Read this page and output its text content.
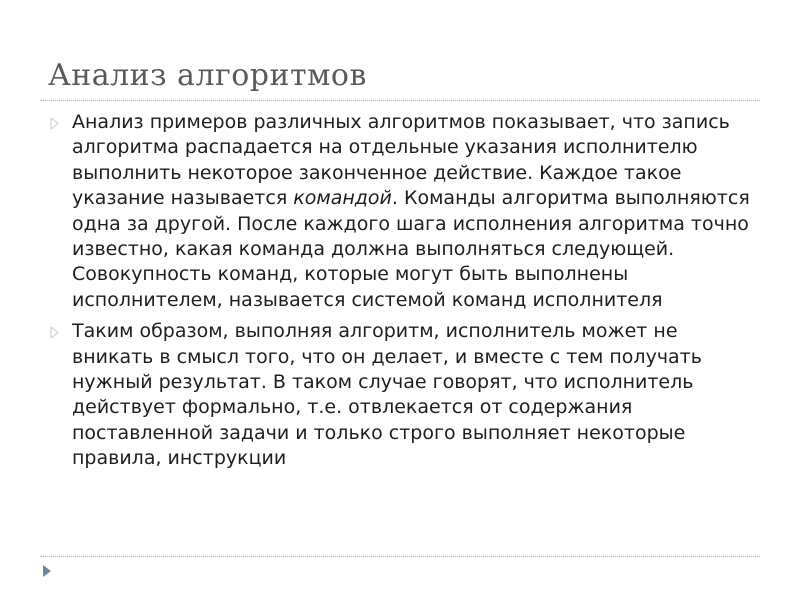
Анализ алгоритмов
Анализ примеров различных алгоритмов показывает, что запись алгоритма распадается на отдельные указания исполнителю выполнить некоторое законченное действие. Каждое такое указание называется командой. Команды алгоритма выполняются одна за другой. После каждого шага исполнения алгоритма точно известно, какая команда должна выполняться следующей. Совокупность команд, которые могут быть выполнены исполнителем, называется системой команд исполнителя
Таким образом, выполняя алгоритм, исполнитель может не вникать в смысл того, что он делает, и вместе с тем получать нужный результат. В таком случае говорят, что исполнитель действует формально, т.е. отвлекается от содержания поставленной задачи и только строго выполняет некоторые правила, инструкции
